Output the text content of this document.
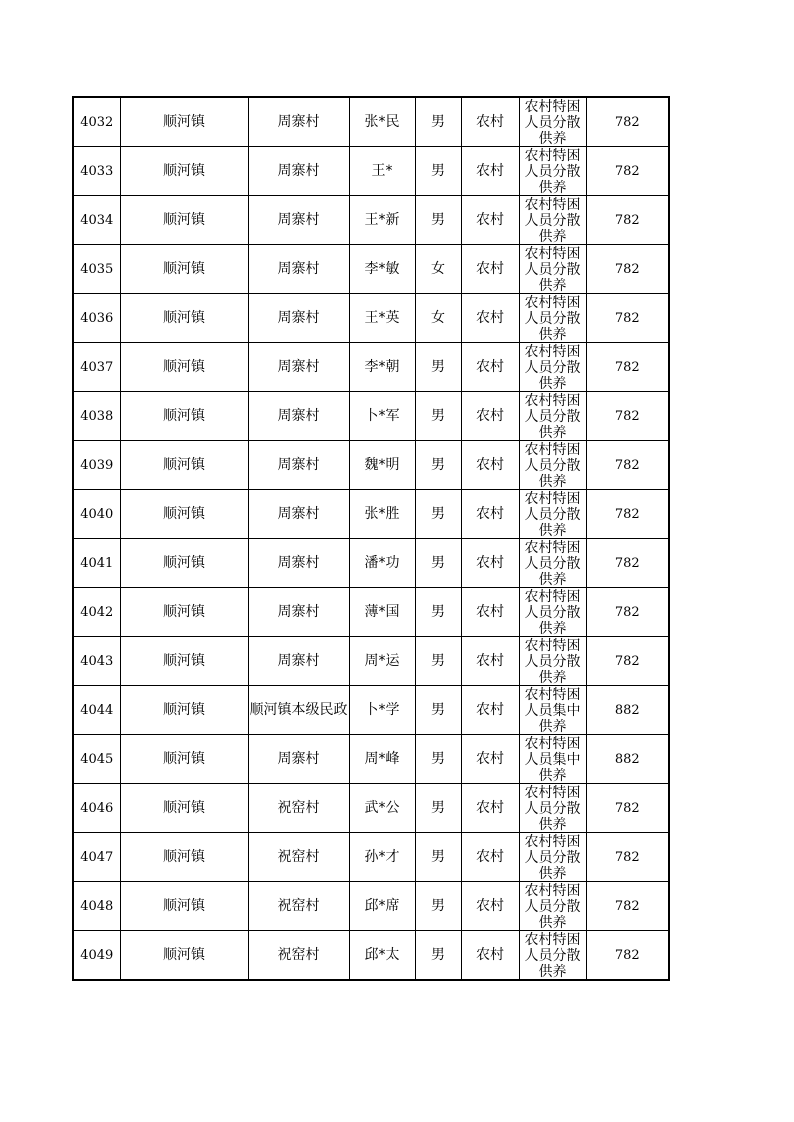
4032	顺河镇	周寨村	张*民	男	农村	农村特困人员分散供养	782
4033	顺河镇	周寨村	王*	男	农村	农村特困人员分散供养	782
4034	顺河镇	周寨村	王*新	男	农村	农村特困人员分散供养	782
4035	顺河镇	周寨村	李*敏	女	农村	农村特困人员分散供养	782
4036	顺河镇	周寨村	王*英	女	农村	农村特困人员分散供养	782
4037	顺河镇	周寨村	李*朝	男	农村	农村特困人员分散供养	782
4038	顺河镇	周寨村	卜*军	男	农村	农村特困人员分散供养	782
4039	顺河镇	周寨村	魏*明	男	农村	农村特困人员分散供养	782
4040	顺河镇	周寨村	张*胜	男	农村	农村特困人员分散供养	782
4041	顺河镇	周寨村	潘*功	男	农村	农村特困人员分散供养	782
4042	顺河镇	周寨村	薄*国	男	农村	农村特困人员分散供养	782
4043	顺河镇	周寨村	周*运	男	农村	农村特困人员分散供养	782
4044	顺河镇	顺河镇本级民政	卜*学	男	农村	农村特困人员集中供养	882
4045	顺河镇	周寨村	周*峰	男	农村	农村特困人员集中供养	882
4046	顺河镇	祝窑村	武*公	男	农村	农村特困人员分散供养	782
4047	顺河镇	祝窑村	孙*才	男	农村	农村特困人员分散供养	782
4048	顺河镇	祝窑村	邱*席	男	农村	农村特困人员分散供养	782
4049	顺河镇	祝窑村	邱*太	男	农村	农村特困人员分散供养	782
